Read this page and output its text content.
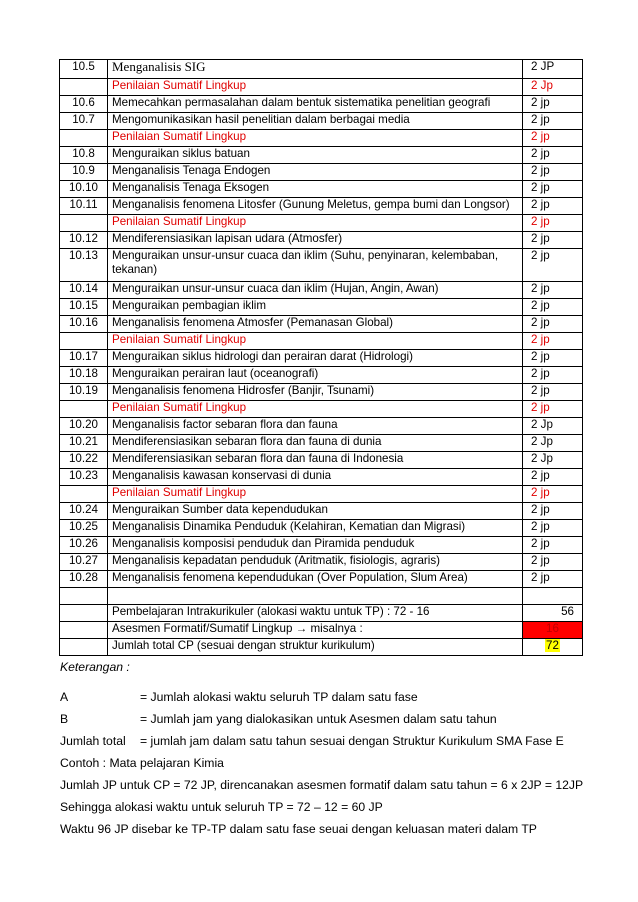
10.5	Menganalisis SIG	2 JP
	Penilaian Sumatif Lingkup	2 Jp
10.6	Memecahkan permasalahan dalam bentuk sistematika penelitian geografi	2 jp
10.7	Mengomunikasikan hasil penelitian dalam berbagai media	2 jp
	Penilaian Sumatif Lingkup	2 jp
10.8	Menguraikan siklus batuan	2 jp
10.9	Menganalisis Tenaga Endogen	2 jp
10.10	Menganalisis Tenaga Eksogen	2 jp
10.11	Menganalisis fenomena Litosfer (Gunung Meletus, gempa bumi dan Longsor)	2 jp
	Penilaian Sumatif Lingkup	2 jp
10.12	Mendiferensiasikan lapisan udara (Atmosfer)	2 jp
10.13	Menguraikan unsur-unsur cuaca dan iklim (Suhu, penyinaran, kelembaban, tekanan)	2 jp
10.14	Menguraikan unsur-unsur cuaca dan iklim (Hujan, Angin, Awan)	2 jp
10.15	Menguraikan pembagian iklim	2 jp
10.16	Menganalisis fenomena Atmosfer (Pemanasan Global)	2 jp
	Penilaian Sumatif Lingkup	2 jp
10.17	Menguraikan siklus hidrologi dan perairan darat (Hidrologi)	2 jp
10.18	Menguraikan perairan laut (oceanografi)	2 jp
10.19	Menganalisis fenomena Hidrosfer (Banjir, Tsunami)	2 jp
	Penilaian Sumatif Lingkup	2 jp
10.20	Menganalisis factor sebaran flora dan fauna	2 Jp
10.21	Mendiferensiasikan sebaran flora dan fauna di dunia	2 Jp
10.22	Mendiferensiasikan sebaran flora dan fauna di Indonesia	2 Jp
10.23	Menganalisis kawasan konservasi di dunia	2 jp
	Penilaian Sumatif Lingkup	2 jp
10.24	Menguraikan Sumber data kependudukan	2 jp
10.25	Menganalisis Dinamika Penduduk (Kelahiran, Kematian dan Migrasi)	2 jp
10.26	Menganalisis komposisi penduduk dan Piramida penduduk	2 jp
10.27	Menganalisis kepadatan penduduk (Aritmatik, fisiologis, agraris)	2 jp
10.28	Menganalisis fenomena kependudukan (Over Population, Slum Area)	2 jp

	Pembelajaran Intrakurikuler (alokasi waktu untuk TP) : 72 - 16	56
	Asesmen Formatif/Sumatif Lingkup → misalnya :	16
	Jumlah total CP (sesuai dengan struktur kurikulum)	72
Keterangan :
A	= Jumlah alokasi waktu seluruh TP dalam satu fase
B	= Jumlah jam yang dialokasikan untuk Asesmen dalam satu tahun
Jumlah total	= jumlah jam dalam satu tahun sesuai dengan Struktur Kurikulum SMA Fase E
Contoh : Mata pelajaran Kimia
Jumlah JP untuk CP = 72 JP, direncanakan asesmen formatif dalam satu tahun = 6 x 2JP = 12JP
Sehingga alokasi waktu untuk seluruh TP = 72 – 12 = 60 JP
Waktu 96 JP disebar ke TP-TP dalam satu fase seuai dengan keluasan materi dalam TP
